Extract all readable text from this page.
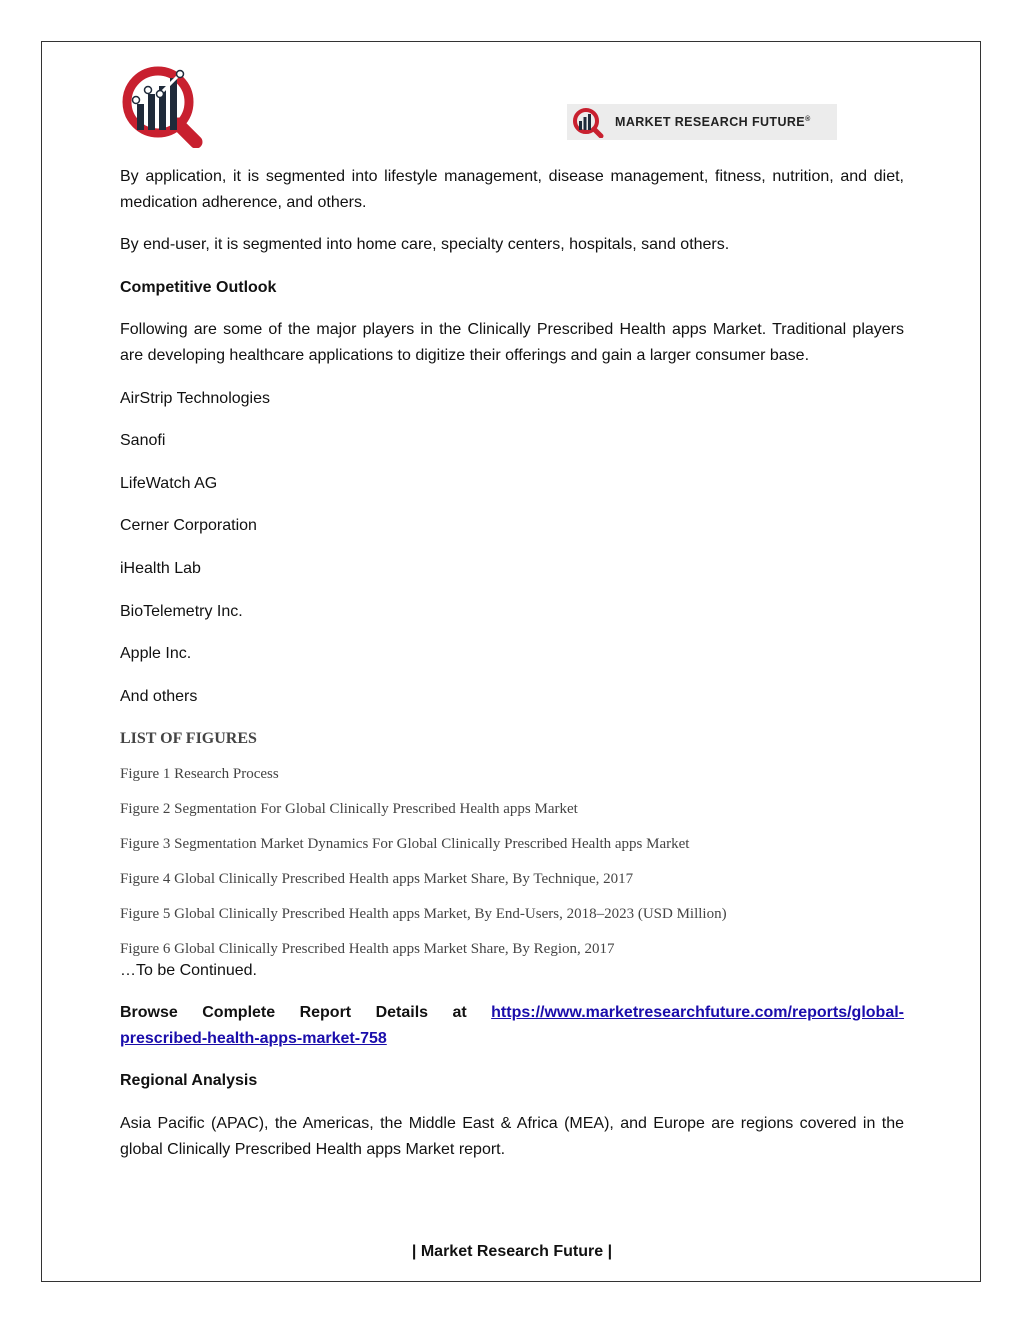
MARKET RESEARCH FUTURE®

By application, it is segmented into lifestyle management, disease management, fitness, nutrition, and diet, medication adherence, and others.

By end-user, it is segmented into home care, specialty centers, hospitals, sand others.

Competitive Outlook

Following are some of the major players in the Clinically Prescribed Health apps Market. Traditional players are developing healthcare applications to digitize their offerings and gain a larger consumer base.

AirStrip Technologies

Sanofi

LifeWatch AG

Cerner Corporation

iHealth Lab

BioTelemetry Inc.

Apple Inc.

And others

LIST OF FIGURES

Figure 1 Research Process

Figure 2 Segmentation For Global Clinically Prescribed Health apps Market

Figure 3 Segmentation Market Dynamics For Global Clinically Prescribed Health apps Market

Figure 4 Global Clinically Prescribed Health apps Market Share, By Technique, 2017

Figure 5 Global Clinically Prescribed Health apps Market, By End-Users, 2018–2023 (USD Million)

Figure 6 Global Clinically Prescribed Health apps Market Share, By Region, 2017

…To be Continued.

Browse Complete Report Details at https://www.marketresearchfuture.com/reports/global-

prescribed-health-apps-market-758

Regional Analysis

Asia Pacific (APAC), the Americas, the Middle East & Africa (MEA), and Europe are regions covered in the global Clinically Prescribed Health apps Market report.

| Market Research Future |
